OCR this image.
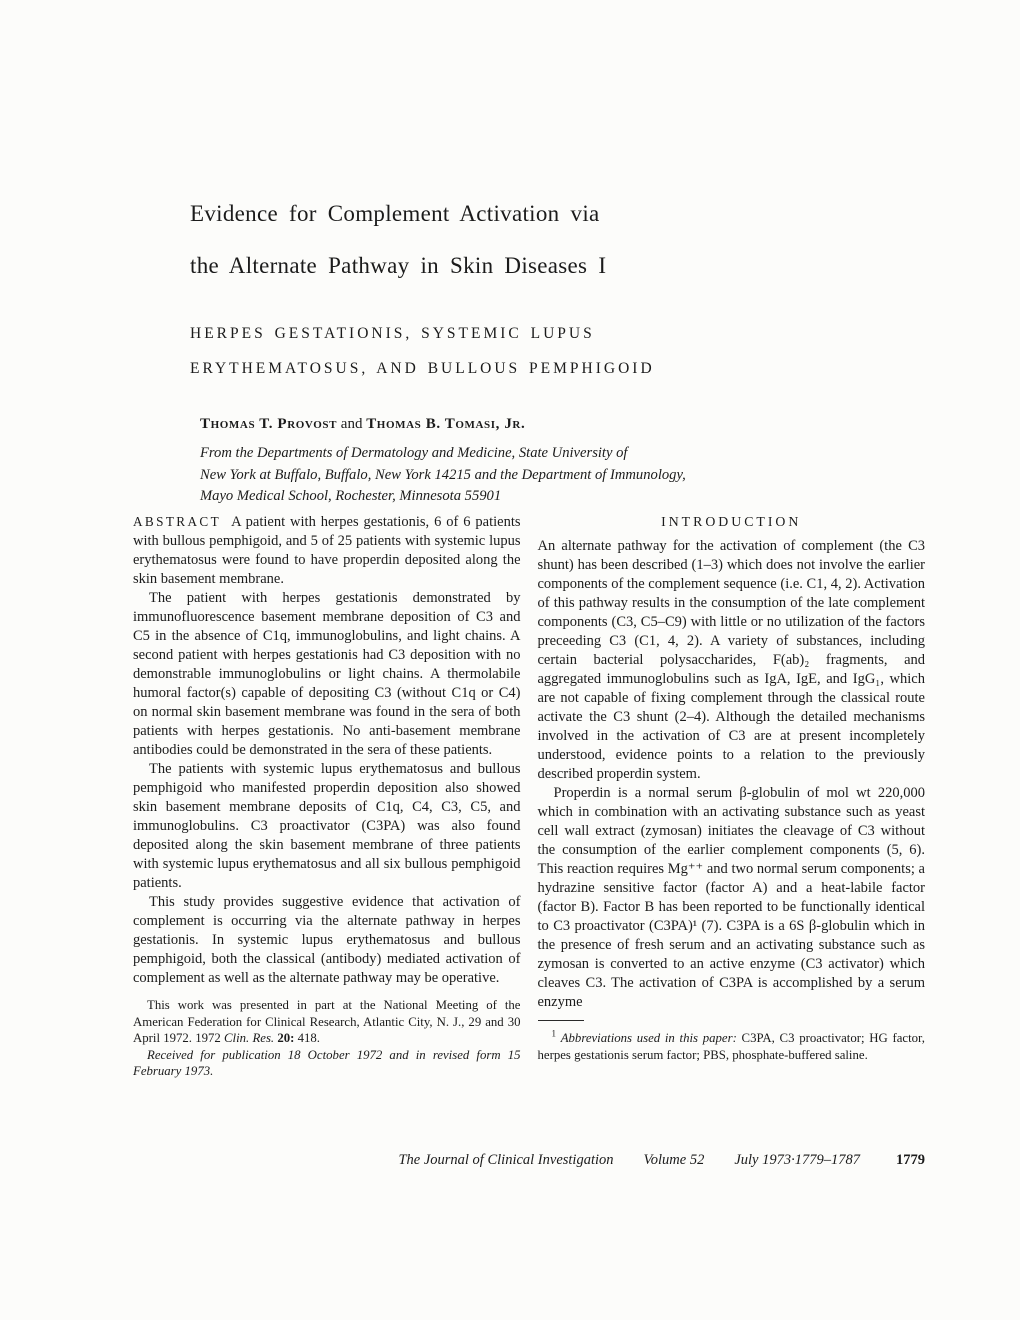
Evidence for Complement Activation via
the Alternate Pathway in Skin Diseases I
HERPES GESTATIONIS, SYSTEMIC LUPUS
ERYTHEMATOSUS, AND BULLOUS PEMPHIGOID
Thomas T. Provost and Thomas B. Tomasi, Jr.
From the Departments of Dermatology and Medicine, State University of
New York at Buffalo, Buffalo, New York 14215 and the Department of Immunology,
Mayo Medical School, Rochester, Minnesota 55901

ABSTRACT A patient with herpes gestationis, 6 of 6 patients with bullous pemphigoid, and 5 of 25 patients with systemic lupus erythematosus were found to have properdin deposited along the skin basement membrane.

The patient with herpes gestationis demonstrated by immunofluorescence basement membrane deposition of C3 and C5 in the absence of C1q, immunoglobulins, and light chains. A second patient with herpes gestationis had C3 deposition with no demonstrable immunoglobulins or light chains. A thermolabile humoral factor(s) capable of depositing C3 (without C1q or C4) on normal skin basement membrane was found in the sera of both patients with herpes gestationis. No anti-basement membrane antibodies could be demonstrated in the sera of these patients.

The patients with systemic lupus erythematosus and bullous pemphigoid who manifested properdin deposition also showed skin basement membrane deposits of C1q, C4, C3, C5, and immunoglobulins. C3 proactivator (C3PA) was also found deposited along the skin basement membrane of three patients with systemic lupus erythematosus and all six bullous pemphigoid patients.

This study provides suggestive evidence that activation of complement is occurring via the alternate pathway in herpes gestationis. In systemic lupus erythematosus and bullous pemphigoid, both the classical (antibody) mediated activation of complement as well as the alternate pathway may be operative.

This work was presented in part at the National Meeting of the American Federation for Clinical Research, Atlantic City, N. J., 29 and 30 April 1972. 1972 Clin. Res. 20: 418.

Received for publication 18 October 1972 and in revised form 15 February 1973.

INTRODUCTION

An alternate pathway for the activation of complement (the C3 shunt) has been described (1–3) which does not involve the earlier components of the complement sequence (i.e. C1, 4, 2). Activation of this pathway results in the consumption of the late complement components (C3, C5–C9) with little or no utilization of the factors preceeding C3 (C1, 4, 2). A variety of substances, including certain bacterial polysaccharides, F(ab)₂ fragments, and aggregated immunoglobulins such as IgA, IgE, and IgG₁, which are not capable of fixing complement through the classical route activate the C3 shunt (2–4). Although the detailed mechanisms involved in the activation of C3 are at present incompletely understood, evidence points to a relation to the previously described properdin system.

Properdin is a normal serum β-globulin of mol wt 220,000 which in combination with an activating substance such as yeast cell wall extract (zymosan) initiates the cleavage of C3 without the consumption of the earlier complement components (5, 6). This reaction requires Mg⁺⁺ and two normal serum components; a hydrazine sensitive factor (factor A) and a heat-labile factor (factor B). Factor B has been reported to be functionally identical to C3 proactivator (C3PA)¹ (7). C3PA is a 6S β-globulin which in the presence of fresh serum and an activating substance such as zymosan is converted to an active enzyme (C3 activator) which cleaves C3. The activation of C3PA is accomplished by a serum enzyme

$^1$ Abbreviations used in this paper: C3PA, C3 proactivator; HG factor, herpes gestationis serum factor; PBS, phosphate-buffered saline.

The Journal of Clinical Investigation Volume 52 July 1973·1779–1787 1779
